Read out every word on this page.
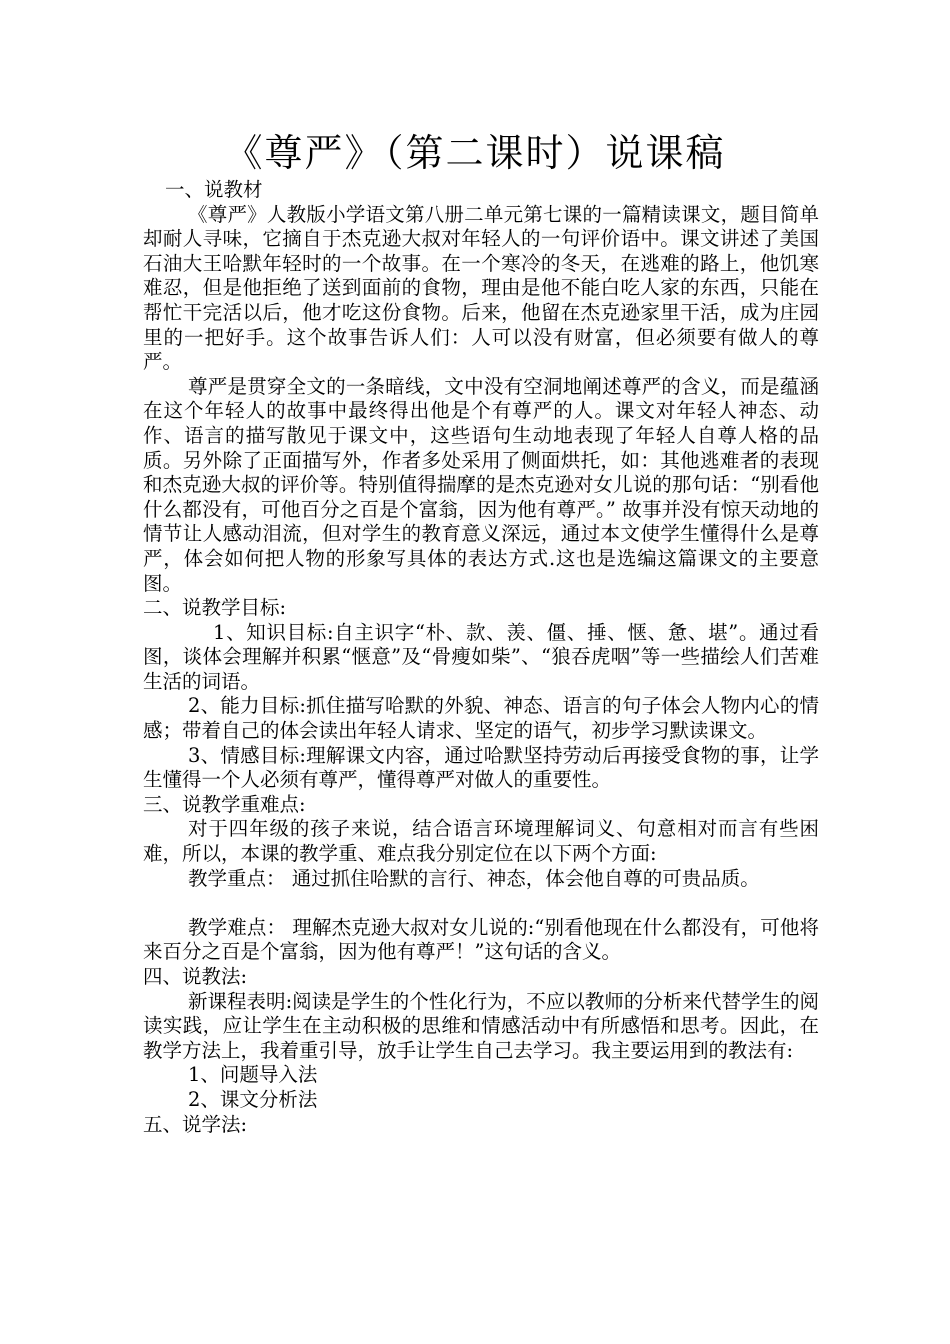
《尊严》（第二课时）说课稿

一、说教材

《尊严》人教版小学语文第八册二单元第七课的一篇精读课文，题目简单却耐人寻味，它摘自于杰克逊大叔对年轻人的一句评价语中。课文讲述了美国石油大王哈默年轻时的一个故事。在一个寒冷的冬天，在逃难的路上，他饥寒难忍，但是他拒绝了送到面前的食物，理由是他不能白吃人家的东西，只能在帮忙干完活以后，他才吃这份食物。后来，他留在杰克逊家里干活，成为庄园里的一把好手。这个故事告诉人们：人可以没有财富，但必须要有做人的尊严。

尊严是贯穿全文的一条暗线，文中没有空洞地阐述尊严的含义，而是蕴涵在这个年轻人的故事中最终得出他是个有尊严的人。课文对年轻人神态、动作、语言的描写散见于课文中，这些语句生动地表现了年轻人自尊人格的品质。另外除了正面描写外，作者多处采用了侧面烘托，如：其他逃难者的表现和杰克逊大叔的评价等。特别值得揣摩的是杰克逊对女儿说的那句话：“别看他什么都没有，可他百分之百是个富翁，因为他有尊严。” 故事并没有惊天动地的情节让人感动泪流，但对学生的教育意义深远，通过本文使学生懂得什么是尊严，体会如何把人物的形象写具体的表达方式.这也是选编这篇课文的主要意图。

二、说教学目标:

1、知识目标:自主识字“朴、款、羡、僵、捶、惬、惫、堪”。通过看图，谈体会理解并积累“惬意”及“骨瘦如柴”、“狼吞虎咽”等一些描绘人们苦难生活的词语。

2、能力目标:抓住描写哈默的外貌、神态、语言的句子体会人物内心的情感；带着自己的体会读出年轻人请求、坚定的语气，初步学习默读课文。

3、情感目标:理解课文内容，通过哈默坚持劳动后再接受食物的事，让学生懂得一个人必须有尊严，懂得尊严对做人的重要性。

三、说教学重难点:

对于四年级的孩子来说，结合语言环境理解词义、句意相对而言有些困难，所以，本课的教学重、难点我分别定位在以下两个方面:

教学重点： 通过抓住哈默的言行、神态，体会他自尊的可贵品质。

教学难点： 理解杰克逊大叔对女儿说的:“别看他现在什么都没有，可他将来百分之百是个富翁，因为他有尊严！”这句话的含义。

四、说教法:

新课程表明:阅读是学生的个性化行为，不应以教师的分析来代替学生的阅读实践，应让学生在主动积极的思维和情感活动中有所感悟和思考。因此，在教学方法上，我着重引导，放手让学生自己去学习。我主要运用到的教法有:

1、问题导入法

2、课文分析法

五、说学法:
